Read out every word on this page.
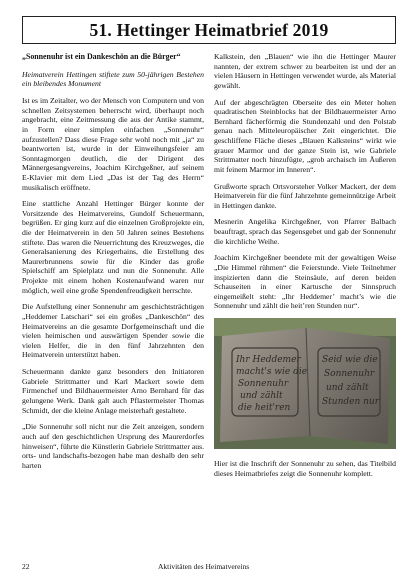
51. Hettinger Heimatbrief 2019
„Sonnenuhr ist ein Dankeschön an die Bürger“

Heimatverein Hettingen stiftete zum 50-jährigen Bestehen ein bleibendes Monument

Ist es im Zeitalter, wo der Mensch von Computern und von schnellen Zeitsystemen beherrscht wird, überhaupt noch angebracht, eine Zeitmessung die aus der Antike stammt, in Form einer simplen einfachen „Sonnenuhr“ aufzustellen? Dass diese Frage sehr wohl noch mit „ja“ zu beantworten ist, wurde in der Einweihungsfeier am Sonntagmorgen deutlich, die der Dirigent des Männergesangvereins, Joachim Kirchgeßner, auf seinem E-Klavier mit dem Lied „Das ist der Tag des Herrn“ musikalisch eröffnete.

Eine stattliche Anzahl Hettinger Bürger konnte der Vorsitzende des Heimatvereins, Gundolf Scheuermann, begrüßen. Er ging kurz auf die einzelnen Großprojekte ein, die der Heimatverein in den 50 Jahren seines Bestehens stiftete. Das waren die Neuerrichtung des Kreuzweges, die Generalsanierung des Kriegerhains, die Erstellung des Maurerbrunnens sowie für die Kinder das große Spielschiff am Spielplatz und nun die Sonnenuhr. Alle Projekte mit einem hohen Kostenaufwand waren nur möglich, weil eine große Spendenfreudigkeit herrschte.

Die Aufstellung einer Sonnenuhr am geschichtsträchtigen „Heddemer Latschari“ sei ein großes „Dankeschön“ des Heimatvereins an die gesamte Dorfgemeinschaft und die vielen heimischen und auswärtigen Spender sowie die vielen Helfer, die in den fünf Jahrzehnten den Heimatverein unterstützt haben.

Scheuermann dankte ganz besonders den Initiatoren Gabriele Strittmatter und Karl Mackert sowie dem Firmenchef und Bildhauermeister Arno Bernhard für das gelungene Werk. Dank galt auch Pflastermeister Thomas Schmidt, der die kleine Anlage meisterhaft gestaltete.

„Die Sonnenuhr soll nicht nur die Zeit anzeigen, sondern auch auf den geschichtlichen Ursprung des Maurerdorfes hinweisen“, führte die Künstlerin Gabriele Strittmatter aus. orts- und landschafts-bezogen habe man deshalb den sehr harten

Kalkstein, den „Blauen“ wie ihn die Hettinger Maurer nannten, der extrem schwer zu bearbeiten ist und der an vielen Häusern in Hettingen verwendet wurde, als Material gewählt.

Auf der abgeschrägten Oberseite des ein Meter hohen quadratischen Steinblocks hat der Bildhauermeister Arno Bernhard fächerförmig die Stundenzahl und den Polstab genau nach Mitteleuropäischer Zeit eingerichtet. Die geschliffene Fläche dieses „Blauen Kalksteins“ wirkt wie grauer Marmor und der ganze Stein ist, wie Gabriele Strittmatter noch hinzufügte, „grob archaisch im Äußeren mit feinem Marmor im Inneren“.

Grußworte sprach Ortsvorsteher Volker Mackert, der dem Heimatverein für die fünf Jahrzehnte gemeinnützige Arbeit in Hettingen dankte.

Mesnerin Angelika Kirchgeßner, von Pfarrer Balbach beauftragt, sprach das Segensgebet und gab der Sonnenuhr die kirchliche Weihe.

Joachim Kirchgeßner beendete mit der gewaltigen Weise „Die Himmel rühmen“ die Feierstunde. Viele Teilnehmer inspizierten dann die Steinsäule, auf deren beiden Schauseiten in einer Kartusche der Sinnspruch eingemeißelt steht: „Ihr Heddemer’ macht’s wie die Sonnenuhr und zählt die heit’ren Stunden nur“.

Ihr Heddemer
macht's wie die
Sonnenuhr
und zählt
die heit'ren
Seid wie die
Sonnenuhr
und zählt
Stunden nur

Hier ist die Inschrift der Sonnenuhr zu sehen, das Titelbild dieses Heimatbriefes zeigt die Sonnenuhr komplett.

22	Aktivitäten des Heimatvereins
